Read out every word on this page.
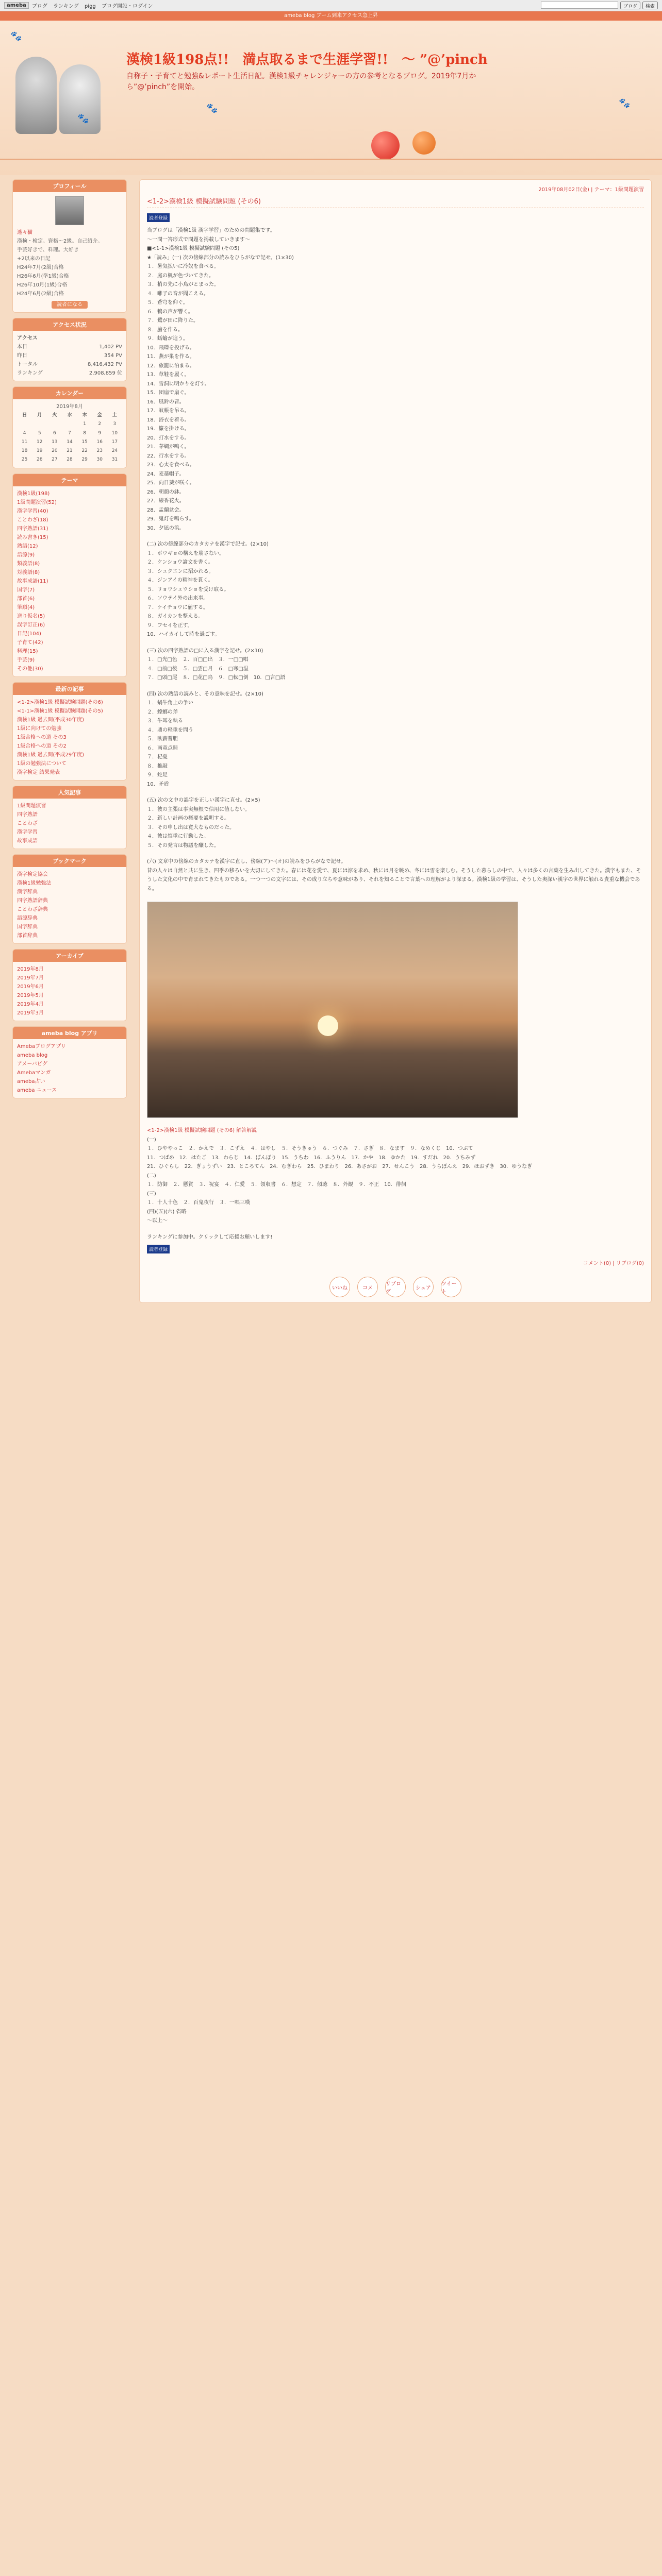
ameba	ブログ ランキング pigg ブログ開設・ログイン	ブログ	検索
ameba blog ブーム到来アクセス急上昇
🐾
🐾
🐾	🐾
漢検1級198点!!　満点取るまで生涯学習!!　〜 ”@’pinch
自称子・子育てと勉強&レポート生活日記。漢検1級チャレンジャーの方の参考となるブログ。2019年7月から”@’pinch”を開始。
プロフィール
迷々猫
漢検・検定。資格〜2級。自己紹介。
手芸好きで、料理。大好き
+2以来の日記
H24年7月(2級)合格
H26年6月(準1級)合格
H26年10月(1級)合格
H24年6月(2級)合格
読者になる
アクセス状況
アクセス
本日	1,402 PV
昨日	354 PV
トータル	8,416,432 PV
ランキング	2,908,859 位
カレンダー
2019年8月
日	月	火	水	木	金	土
				1	2	3
4	5	6	7	8	9	10
11	12	13	14	15	16	17
18	19	20	21	22	23	24
25	26	27	28	29	30	31
テーマ
漢検1級(198)
1級問題演習(52)
漢字学習(40)
ことわざ(18)
四字熟語(31)
読み書き(15)
熟語(12)
語源(9)
類義語(8)
対義語(8)
故事成語(11)
国字(7)
部首(6)
筆順(4)
送り仮名(5)
誤字訂正(6)
日記(104)
子育て(42)
料理(15)
手芸(9)
その他(30)
最新の記事
<1-2>漢検1級 模擬試験問題(その6)
<1-1>漢検1級 模擬試験問題(その5)
漢検1級 過去問(平成30年度)
1級に向けての勉強
1級合格への道 その3
1級合格への道 その2
漢検1級 過去問(平成29年度)
1級の勉強法について
漢字検定 結果発表
人気記事
1級問題演習
四字熟語
ことわざ
漢字学習
故事成語
ブックマーク
漢字検定協会
漢検1級勉強法
漢字辞典
四字熟語辞典
ことわざ辞典
語源辞典
国字辞典
部首辞典
アーカイブ
2019年8月
2019年7月
2019年6月
2019年5月
2019年4月
2019年3月
ameba blog アプリ
Amebaブログアプリ
ameba blog
アメーバピグ
Amebaマンガ
ameba占い
ameba ニュース
2019年08月02日(金) | テーマ：1級問題演習
<1-2>漢検1級 模擬試験問題 (その6)
読者登録
当ブログは「漢検1級 漢字学習」のための問題集です。
〜一問一答形式で問題を掲載していきます〜
■<1-1>漢検1級 模擬試験問題 (その5)
★「読み」(一) 次の傍線部分の読みをひらがなで記せ。(1×30)
１．暑気払いに冷奴を食べる。
２．庭の楓が色づいてきた。
３．梢の先に小鳥がとまった。
４．囃子の音が聞こえる。
５．蒼穹を仰ぐ。
６．鶫の声が響く。
７．鷺が田に降りた。
８．膾を作る。
９．蛞蝓が這う。
10．飛礫を投げる。
11．燕が巣を作る。
12．旅籠に泊まる。
13．草鞋を履く。
14．雪洞に明かりを灯す。
15．団扇で扇ぐ。
16．風鈴の音。
17．蚊帳を吊る。
18．浴衣を着る。
19．簾を掛ける。
20．打水をする。
21．茅蜩が鳴く。
22．行水をする。
23．心太を食べる。
24．麦藁帽子。
25．向日葵が咲く。
26．朝顔の鉢。
27．線香花火。
28．盂蘭盆会。
29．鬼灯を鳴らす。
30．夕凪の浜。
(二) 次の傍線部分のカタカナを漢字で記せ。(2×10)
１．ボウギョの構えを崩さない。
２．ケンショウ論文を書く。
３．シュクエンに招かれる。
４．ジンアイの精神を貫く。
５．リョウシュウショを受け取る。
６．ソウテイ外の出来事。
７．ケイチョウに値する。
８．ガイカンを整える。
９．フセイを正す。
10．ハイカイして時を過ごす。
(三) 次の四字熟語の□に入る漢字を記せ。(2×10)
１．□光□色　２．百□□出　３．一□□唱
４．□前□後　５．□雲□月　６．□寒□温
７．□頭□尾　８．□花□鳥　９．□転□倒　10．□言□語
(四) 次の熟語の読みと、その意味を記せ。(2×10)
１．蝸牛角上の争い
２．螳螂の斧
３．牛耳を執る
４．鼎の軽重を問う
５．臥薪嘗胆
６．画竜点睛
７．杞憂
８．推敲
９．蛇足
10．矛盾
(五) 次の文中の誤字を正しい漢字に直せ。(2×5)
１．彼の主張は事実無根で信用に値しない。
２．新しい計画の概要を説明する。
３．その申し出は寛大なものだった。
４．彼は慎重に行動した。
５．その発言は物議を醸した。
(六) 文章中の傍線のカタカナを漢字に直し、傍線(ア)〜(オ)の読みをひらがなで記せ。
昔の人々は自然と共に生き、四季の移ろいを大切にしてきた。春には花を愛で、夏には涼を求め、秋には月を眺め、冬には雪を楽しむ。そうした暮らしの中で、人々は多くの言葉を生み出してきた。漢字もまた、そうした文化の中で育まれてきたものである。一つ一つの文字には、その成り立ちや意味があり、それを知ることで言葉への理解がより深まる。漢検1級の学習は、そうした奥深い漢字の世界に触れる貴重な機会である。
<1-2>漢検1級 模擬試験問題 (その6) 解答解説
(一)
１．ひややっこ　２．かえで　３．こずえ　４．はやし　５．そうきゅう　６．つぐみ　７．さぎ　８．なます　９．なめくじ　10．つぶて
11．つばめ　12．はたご　13．わらじ　14．ぼんぼり　15．うちわ　16．ふうりん　17．かや　18．ゆかた　19．すだれ　20．うちみず
21．ひぐらし　22．ぎょうずい　23．ところてん　24．むぎわら　25．ひまわり　26．あさがお　27．せんこう　28．うらぼんえ　29．ほおずき　30．ゆうなぎ
(二)
１．防御　２．懸賞　３．祝宴　４．仁愛　５．領収書　６．想定　７．傾聴　８．外観　９．不正　10．徘徊
(三)
１．十人十色　２．百鬼夜行　３．一唱三嘆
(四)(五)(六) 省略
〜以上〜
ランキングに参加中。クリックして応援お願いします!
読者登録
コメント(0) | リブログ(0)
いいね	コメ
リブログ
シェア
ツイート
